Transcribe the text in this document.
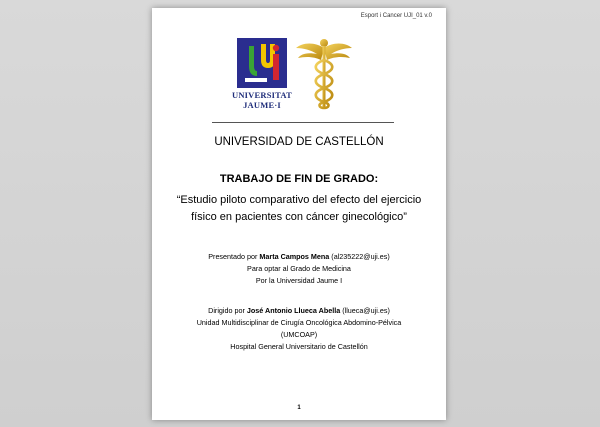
Esport i Cancer UJI_01 v.0
UNIVERSITAT
JAUME·I
UNIVERSIDAD DE CASTELLÓN
TRABAJO DE FIN DE GRADO:
“Estudio piloto comparativo del efecto del ejercicio físico en pacientes con cáncer ginecológico”
Presentado por Marta Campos Mena (al235222@uji.es)
Para optar al Grado de Medicina
Por la Universidad Jaume I
Dirigido por José Antonio Llueca Abella (llueca@uji.es)
Unidad Multidisciplinar de Cirugía Oncológica Abdomino-Pélvica
(UMCOAP)
Hospital General Universitario de Castellón
1
